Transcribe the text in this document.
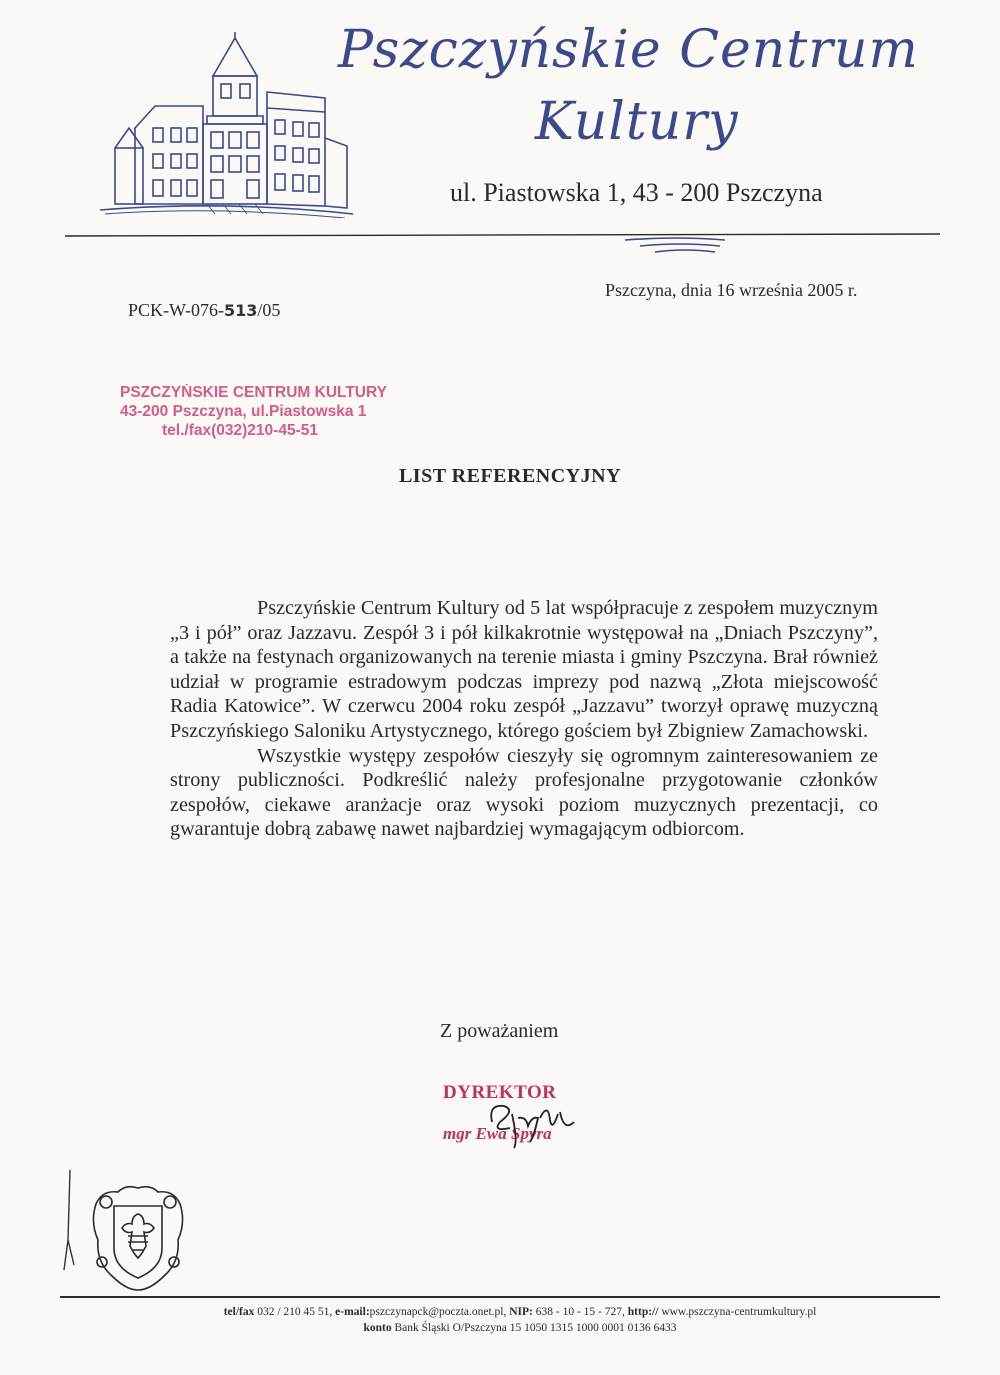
Pszczyńskie Centrum
Kultury
ul. Piastowska 1, 43 - 200 Pszczyna
Pszczyna, dnia 16 września 2005 r.
PCK-W-076-513/05
PSZCZYŃSKIE CENTRUM KULTURY
43-200 Pszczyna, ul.Piastowska 1
tel./fax(032)210-45-51
LIST REFERENCYJNY

Pszczyńskie Centrum Kultury od 5 lat współpracuje z zespołem muzycznym „3 i pół” oraz Jazzavu. Zespół 3 i pół kilkakrotnie występował na „Dniach Pszczyny”, a także na festynach organizowanych na terenie miasta i gminy Pszczyna. Brał również udział w programie estradowym podczas imprezy pod nazwą „Złota miejscowość Radia Katowice”. W czerwcu 2004 roku zespół „Jazzavu” tworzył oprawę muzyczną Pszczyńskiego Saloniku Artystycznego, którego gościem był Zbigniew Zamachowski.

Wszystkie występy zespołów cieszyły się ogromnym zainteresowaniem ze strony publiczności. Podkreślić należy profesjonalne przygotowanie członków zespołów, ciekawe aranżacje oraz wysoki poziom muzycznych prezentacji, co gwarantuje dobrą zabawę nawet najbardziej wymagającym odbiorcom.

Z poważaniem
DYREKTOR
mgr Ewa Spyra
tel/fax 032 / 210 45 51, e-mail:pszczynapck@poczta.onet.pl, NIP: 638 - 10 - 15 - 727, http:// www.pszczyna-centrumkultury.pl
konto Bank Śląski O/Pszczyna 15 1050 1315 1000 0001 0136 6433
